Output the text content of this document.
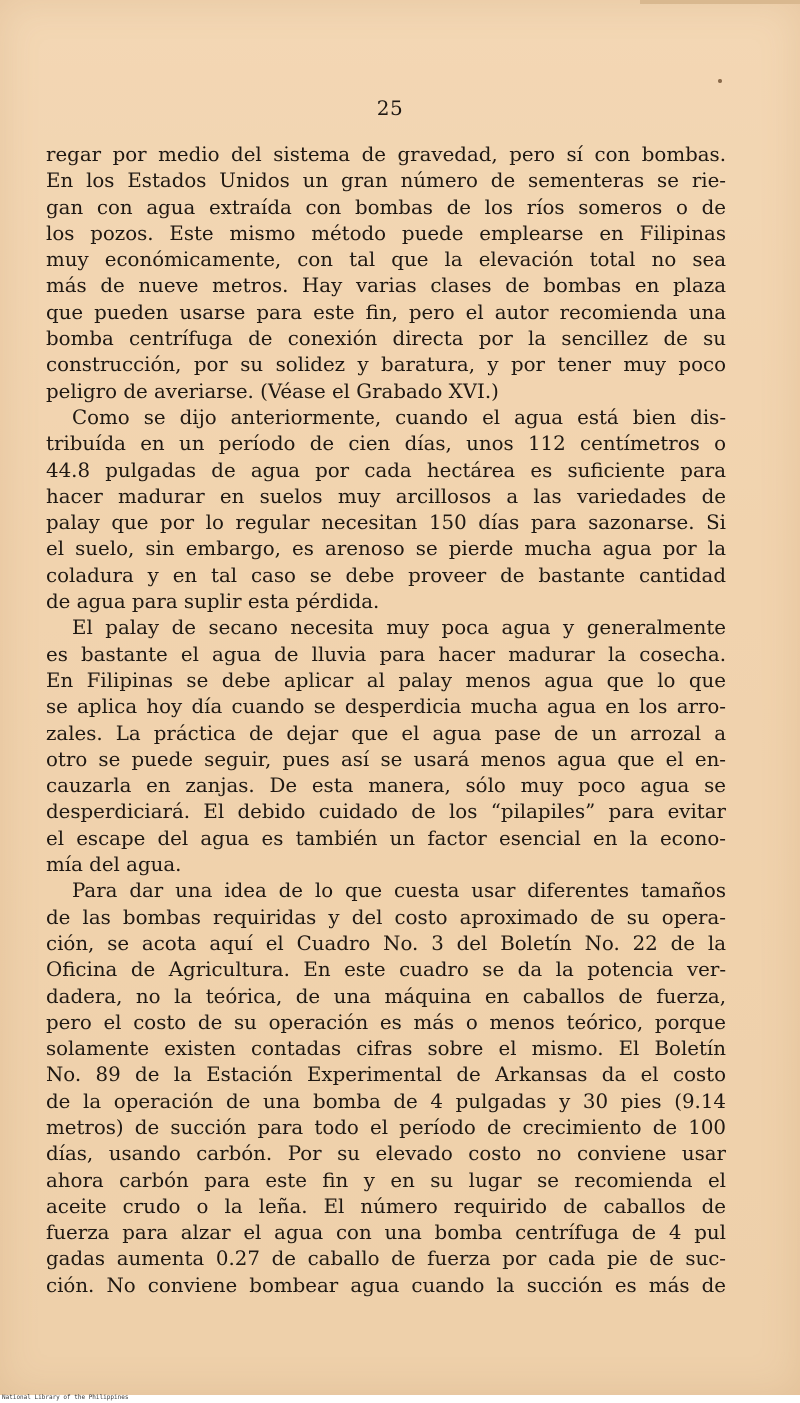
25
regar por medio del sistema de gravedad, pero sí con bombas.
En los Estados Unidos un gran número de sementeras se rie-
gan con agua extraída con bombas de los ríos someros o de
los pozos. Este mismo método puede emplearse en Filipinas
muy económicamente, con tal que la elevación total no sea
más de nueve metros. Hay varias clases de bombas en plaza
que pueden usarse para este fin, pero el autor recomienda una
bomba centrífuga de conexión directa por la sencillez de su
construcción, por su solidez y baratura, y por tener muy poco
peligro de averiarse. (Véase el Grabado XVI.)
Como se dijo anteriormente, cuando el agua está bien dis-
tribuída en un período de cien días, unos 112 centímetros o
44.8 pulgadas de agua por cada hectárea es suficiente para
hacer madurar en suelos muy arcillosos a las variedades de
palay que por lo regular necesitan 150 días para sazonarse. Si
el suelo, sin embargo, es arenoso se pierde mucha agua por la
coladura y en tal caso se debe proveer de bastante cantidad
de agua para suplir esta pérdida.
El palay de secano necesita muy poca agua y generalmente
es bastante el agua de lluvia para hacer madurar la cosecha.
En Filipinas se debe aplicar al palay menos agua que lo que
se aplica hoy día cuando se desperdicia mucha agua en los arro-
zales. La práctica de dejar que el agua pase de un arrozal a
otro se puede seguir, pues así se usará menos agua que el en-
cauzarla en zanjas. De esta manera, sólo muy poco agua se
desperdiciará. El debido cuidado de los “pilapiles” para evitar
el escape del agua es también un factor esencial en la econo-
mía del agua.
Para dar una idea de lo que cuesta usar diferentes tamaños
de las bombas requiridas y del costo aproximado de su opera-
ción, se acota aquí el Cuadro No. 3 del Boletín No. 22 de la
Oficina de Agricultura. En este cuadro se da la potencia ver-
dadera, no la teórica, de una máquina en caballos de fuerza,
pero el costo de su operación es más o menos teórico, porque
solamente existen contadas cifras sobre el mismo. El Boletín
No. 89 de la Estación Experimental de Arkansas da el costo
de la operación de una bomba de 4 pulgadas y 30 pies (9.14
metros) de succión para todo el período de crecimiento de 100
días, usando carbón. Por su elevado costo no conviene usar
ahora carbón para este fin y en su lugar se recomienda el
aceite crudo o la leña. El número requirido de caballos de
fuerza para alzar el agua con una bomba centrífuga de 4 pul
gadas aumenta 0.27 de caballo de fuerza por cada pie de suc-
ción. No conviene bombear agua cuando la succión es más de
National Library of the Philippines
